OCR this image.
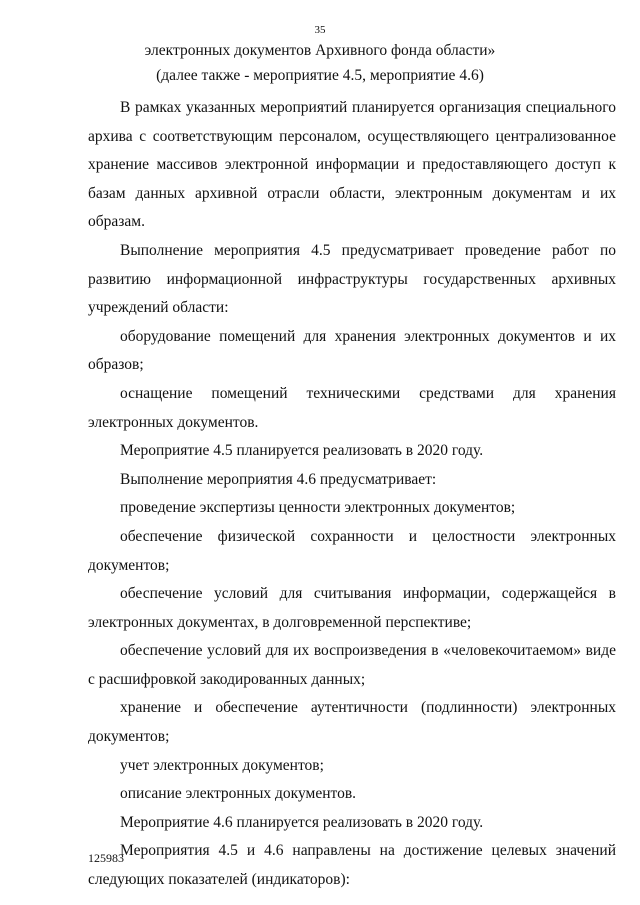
35
электронных документов Архивного фонда области»
(далее также - мероприятие 4.5, мероприятие 4.6)

В рамках указанных мероприятий планируется организация специального архива с соответствующим персоналом, осуществляющего централизованное хранение массивов электронной информации и предоставляющего доступ к базам данных архивной отрасли области, электронным документам и их образам.

Выполнение мероприятия 4.5 предусматривает проведение работ по развитию информационной инфраструктуры государственных архивных учреждений области:

оборудование помещений для хранения электронных документов и их образов;

оснащение помещений техническими средствами для хранения электронных документов.

Мероприятие 4.5 планируется реализовать в 2020 году.

Выполнение мероприятия 4.6 предусматривает:

проведение экспертизы ценности электронных документов;

обеспечение физической сохранности и целостности электронных документов;

обеспечение условий для считывания информации, содержащейся в электронных документах, в долговременной перспективе;

обеспечение условий для их воспроизведения в «человекочитаемом» виде с расшифровкой закодированных данных;

хранение и обеспечение аутентичности (подлинности) электронных документов;

учет электронных документов;

описание электронных документов.

Мероприятие 4.6 планируется реализовать в 2020 году.

Мероприятия 4.5 и 4.6 направлены на достижение целевых значений следующих показателей (индикаторов):

125983
